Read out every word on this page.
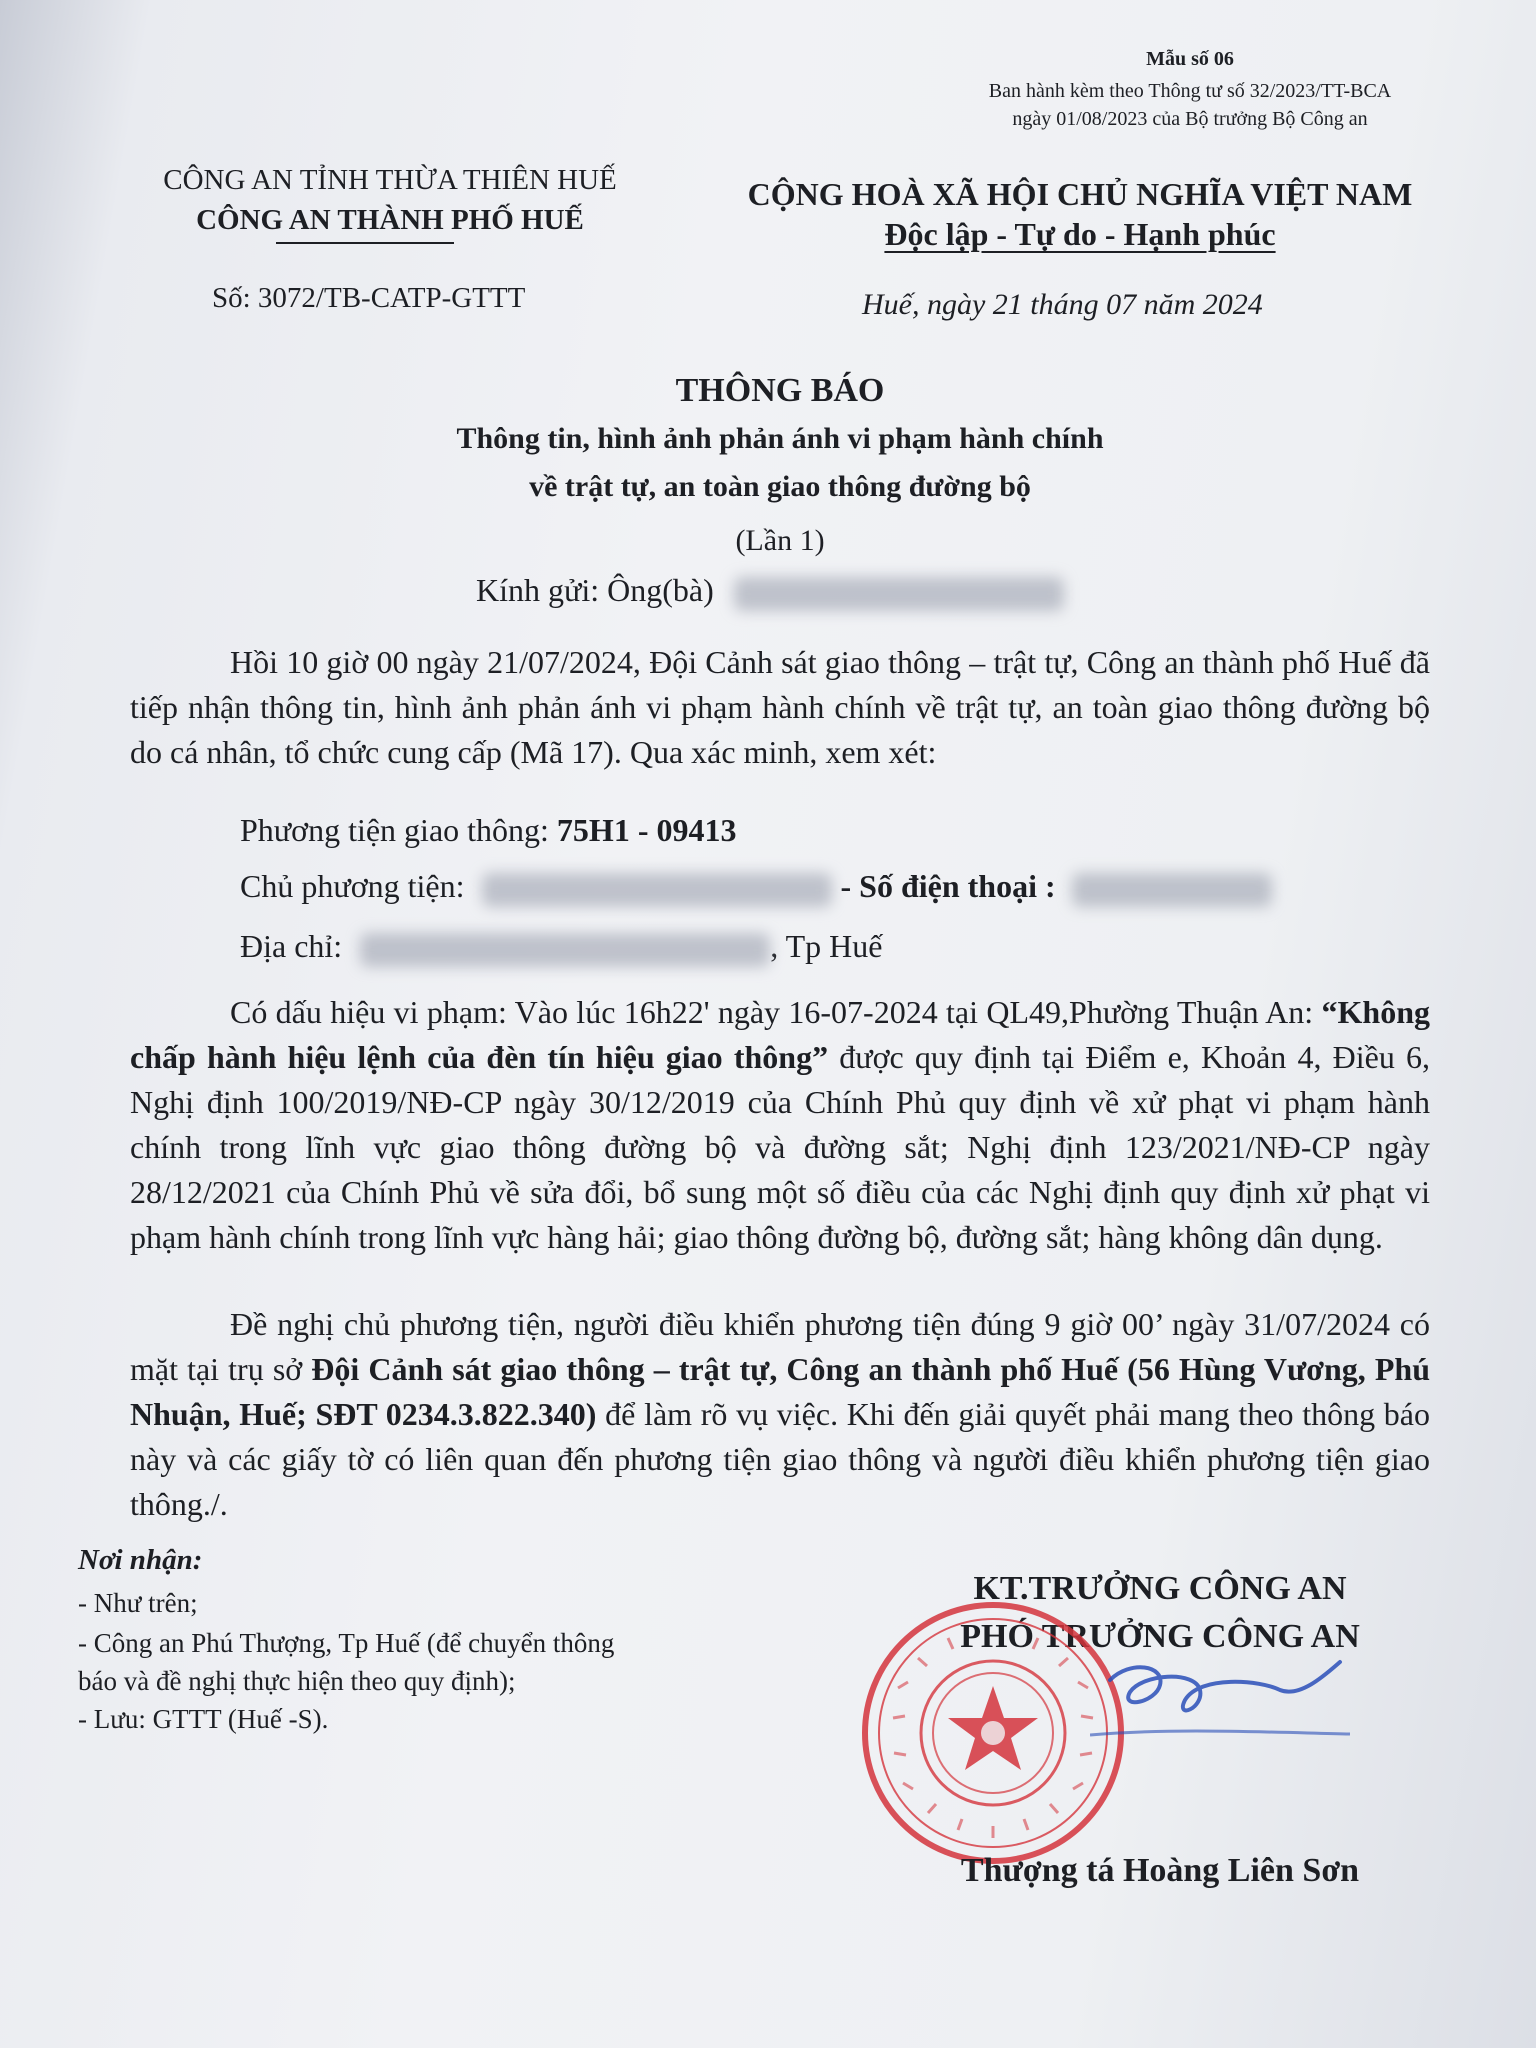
Mẫu số 06
Ban hành kèm theo Thông tư số 32/2023/TT-BCA
ngày 01/08/2023 của Bộ trưởng Bộ Công an
CÔNG AN TỈNH THỪA THIÊN HUẾ
CÔNG AN THÀNH PHỐ HUẾ
Số: 3072/TB-CATP-GTTT
CỘNG HOÀ XÃ HỘI CHỦ NGHĨA VIỆT NAM
Độc lập - Tự do - Hạnh phúc
Huế, ngày 21 tháng 07 năm 2024
THÔNG BÁO
Thông tin, hình ảnh phản ánh vi phạm hành chính
về trật tự, an toàn giao thông đường bộ
(Lần 1)
Kính gửi: Ông(bà)

Hồi 10 giờ 00 ngày 21/07/2024, Đội Cảnh sát giao thông – trật tự, Công an thành phố Huế đã tiếp nhận thông tin, hình ảnh phản ánh vi phạm hành chính về trật tự, an toàn giao thông đường bộ do cá nhân, tổ chức cung cấp (Mã 17). Qua xác minh, xem xét:

Phương tiện giao thông: 75H1 - 09413
Chủ phương tiện:	- Số điện thoại :
Địa chỉ:	, Tp Huế

Có dấu hiệu vi phạm: Vào lúc 16h22' ngày 16-07-2024 tại QL49,Phường Thuận An: “Không chấp hành hiệu lệnh của đèn tín hiệu giao thông” được quy định tại Điểm e, Khoản 4, Điều 6, Nghị định 100/2019/NĐ-CP ngày 30/12/2019 của Chính Phủ quy định về xử phạt vi phạm hành chính trong lĩnh vực giao thông đường bộ và đường sắt; Nghị định 123/2021/NĐ-CP ngày 28/12/2021 của Chính Phủ về sửa đổi, bổ sung một số điều của các Nghị định quy định xử phạt vi phạm hành chính trong lĩnh vực hàng hải; giao thông đường bộ, đường sắt; hàng không dân dụng.

Đề nghị chủ phương tiện, người điều khiển phương tiện đúng 9 giờ 00’ ngày 31/07/2024 có mặt tại trụ sở Đội Cảnh sát giao thông – trật tự, Công an thành phố Huế (56 Hùng Vương, Phú Nhuận, Huế; SĐT 0234.3.822.340) để làm rõ vụ việc. Khi đến giải quyết phải mang theo thông báo này và các giấy tờ có liên quan đến phương tiện giao thông và người điều khiển phương tiện giao thông./.

Nơi nhận:
- Như trên;
- Công an Phú Thượng, Tp Huế (để chuyển thông
báo và đề nghị thực hiện theo quy định);
- Lưu: GTTT (Huế -S).
KT.TRƯỞNG CÔNG AN
PHÓ TRƯỞNG CÔNG AN
Thượng tá Hoàng Liên Sơn
